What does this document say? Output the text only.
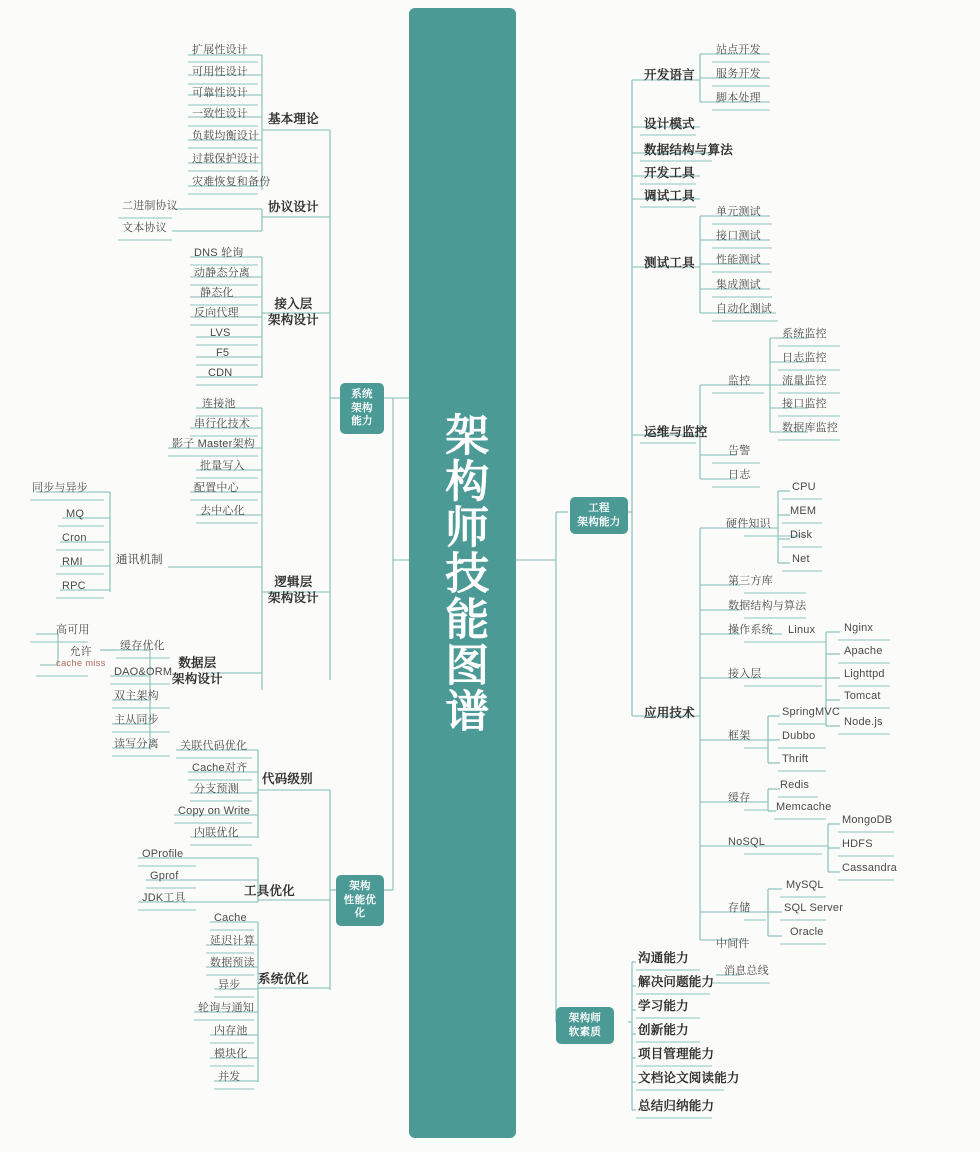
架构师技能图谱
系统
架构能力
架构
性能优化
工程
架构能力
架构师
软素质
基本理论
扩展性设计
可用性设计
可靠性设计
一致性设计
负载均衡设计
过载保护设计
灾难恢复和备份
协议设计
二进制协议
文本协议
接入层
架构设计
DNS 轮询
动静态分离
静态化
反向代理
LVS
F5
CDN
逻辑层
架构设计
连接池
串行化技术
影子 Master架构
批量写入
配置中心
去中心化
通讯机制
同步与异步
MQ
Cron
RMI
RPC
数据层
架构设计
缓存优化
DAO&ORM
双主架构
主从同步
读写分离
高可用
允许
cache miss
代码级别
关联代码优化
Cache对齐
分支预测
Copy on Write
内联优化
工具优化
OProfile
Gprof
JDK工具
系统优化
Cache
延迟计算
数据预读
异步
轮询与通知
内存池
模块化
并发
开发语言
站点开发
服务开发
脚本处理
设计模式
数据结构与算法
开发工具
调试工具
测试工具
单元测试
接口测试
性能测试
集成测试
自动化测试
运维与监控
监控
系统监控
日志监控
流量监控
接口监控
数据库监控
告警
日志
应用技术
硬件知识
CPU
MEM
Disk
Net
第三方库
数据结构与算法
操作系统 Linux
接入层
Nginx
Apache
Lighttpd
Tomcat
Node.js
框架
SpringMVC
Dubbo
Thrift
缓存
Redis
Memcache
NoSQL
MongoDB
HDFS
Cassandra
存储
MySQL
SQL Server
Oracle
中间件
消息总线
沟通能力
解决问题能力
学习能力
创新能力
项目管理能力
文档论文阅读能力
总结归纳能力
